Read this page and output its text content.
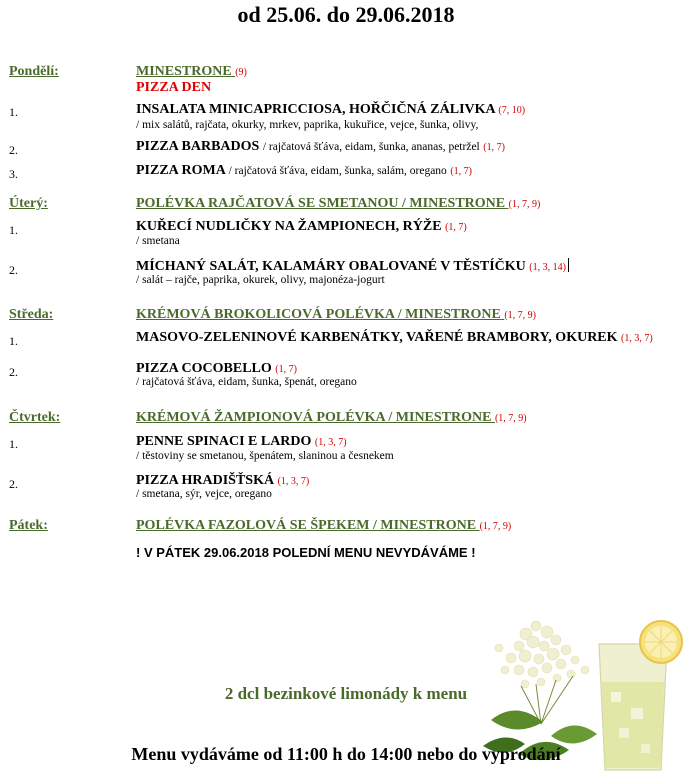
od 25.06. do 29.06.2018
Pondělí:	MINESTRONE (9)
PIZZA DEN
1.	INSALATA MINICAPRICCIOSA, HOŘČIČNÁ ZÁLIVKA (7, 10)
/ mix salátů, rajčata, okurky, mrkev, paprika, kukuřice, vejce, šunka, olivy,
2.	PIZZA BARBADOS / rajčatová šťáva, eidam, šunka, ananas, petržel (1, 7)
3.	PIZZA ROMA / rajčatová šťáva, eidam, šunka, salám, oregano (1, 7)
Úterý:	POLÉVKA RAJČATOVÁ SE SMETANOU / MINESTRONE (1, 7, 9)
1.	KUŘECÍ NUDLIČKY NA ŽAMPIONECH, RÝŽE (1, 7)
/ smetana
2.	MÍCHANÝ SALÁT, KALAMÁRY OBALOVANÉ V TĚSTÍČKU (1, 3, 14)
/ salát – rajče, paprika, okurek, olivy, majonéza-jogurt
Středa:	KRÉMOVÁ BROKOLICOVÁ POLÉVKA / MINESTRONE (1, 7, 9)
1.	MASOVO-ZELENINOVÉ KARBENÁTKY, VAŘENÉ BRAMBORY, OKUREK (1, 3, 7)
2.	PIZZA COCOBELLO (1, 7)
/ rajčatová šťáva, eidam, šunka, špenát, oregano
Čtvrtek:	KRÉMOVÁ ŽAMPIONOVÁ POLÉVKA / MINESTRONE (1, 7, 9)
1.	PENNE SPINACI E LARDO (1, 3, 7)
/ těstoviny se smetanou, špenátem, slaninou a česnekem
2.	PIZZA HRADIŠŤSKÁ (1, 3, 7)
/ smetana, sýr, vejce, oregano
Pátek:	POLÉVKA FAZOLOVÁ SE ŠPEKEM / MINESTRONE (1, 7, 9)
! V PÁTEK 29.06.2018 POLEDNÍ MENU NEVYDÁVÁME !
2 dcl bezinkové limonády k menu
Menu vydáváme od 11:00 h do 14:00 nebo do vyprodání
